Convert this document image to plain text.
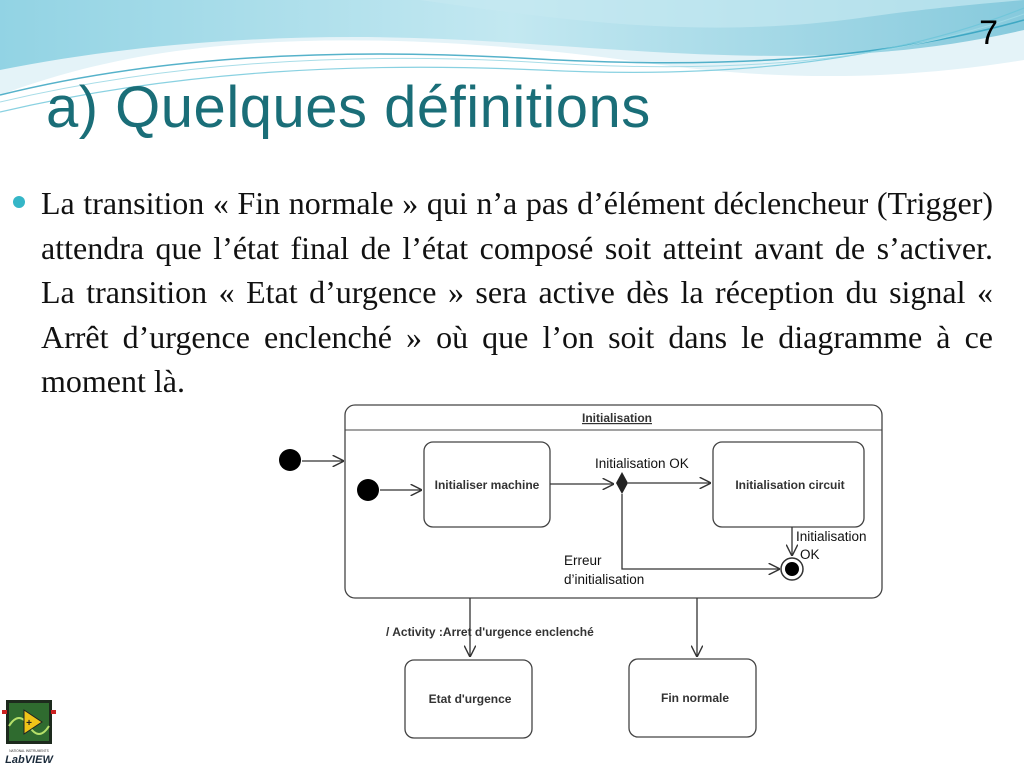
7
a) Quelques définitions
La transition « Fin normale » qui n’a pas d’élément déclencheur (Trigger) attendra que l’état final de l’état composé soit atteint avant de s’activer. La transition « Etat d’urgence » sera active dès la réception du signal « Arrêt d’urgence enclenché » où que l’on soit dans le diagramme à ce moment là.
Initialisation
Initialiser machine
Initialisation OK
Initialisation circuit
Initialisation
OK
Erreur
d’initialisation
/ Activity :Arret d'urgence enclenché
Etat d'urgence	Fin normale
+
NATIONAL INSTRUMENTS
LabVIEW
